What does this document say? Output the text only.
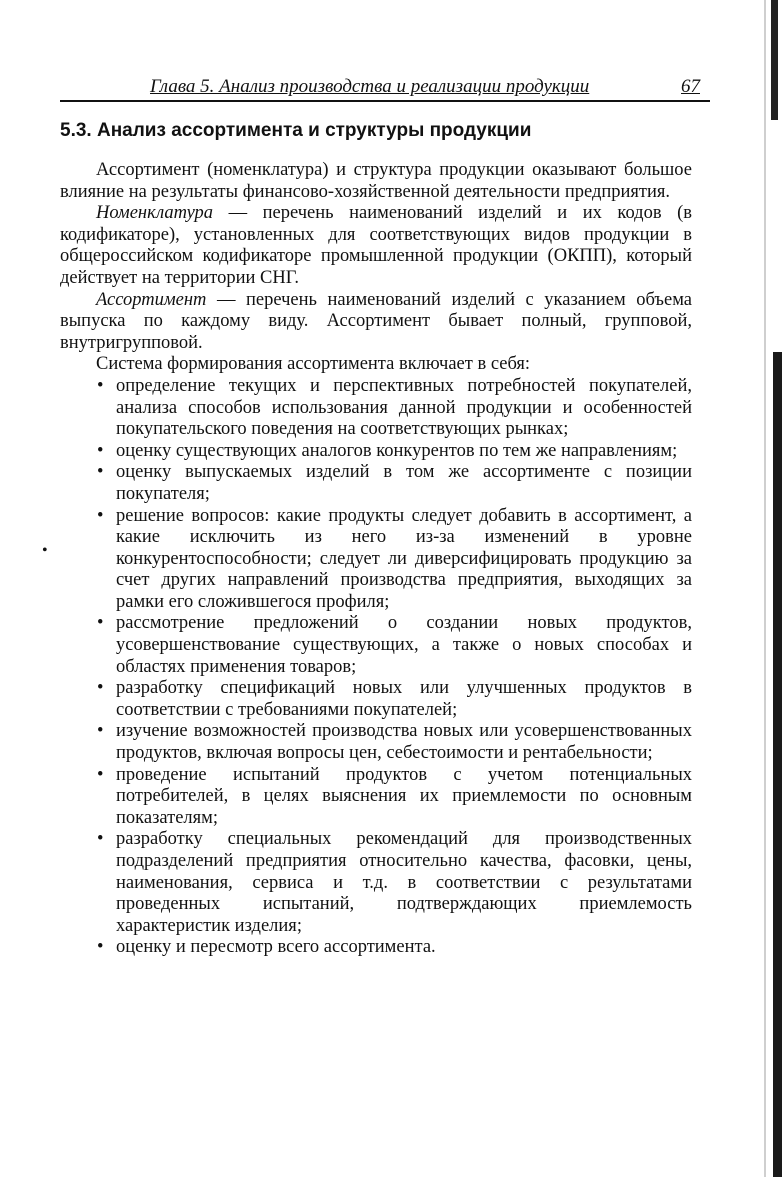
Глава 5. Анализ производства и реализации продукции	67
5.3. Анализ ассортимента и структуры продукции
•

Ассортимент (номенклатура) и структура продукции оказывают большое влияние на результаты финансово-хозяйственной деятельности предприятия.

Номенклатура — перечень наименований изделий и их кодов (в кодификаторе), установленных для соответствующих видов продукции в общероссийском кодификаторе промышленной продукции (ОКПП), который действует на территории СНГ.

Ассортимент — перечень наименований изделий с указанием объема выпуска по каждому виду. Ассортимент бывает полный, групповой, внутригрупповой.

Система формирования ассортимента включает в себя:

• определение текущих и перспективных потребностей покупателей, анализа способов использования данной продукции и особенностей покупательского поведения на соответствующих рынках;
• оценку существующих аналогов конкурентов по тем же направлениям;
• оценку выпускаемых изделий в том же ассортименте с позиции покупателя;
• решение вопросов: какие продукты следует добавить в ассортимент, а какие исключить из него из-за изменений в уровне конкурентоспособности; следует ли диверсифицировать продукцию за счет других направлений производства предприятия, выходящих за рамки его сложившегося профиля;
• рассмотрение предложений о создании новых продуктов, усовершенствование существующих, а также о новых способах и областях применения товаров;
• разработку спецификаций новых или улучшенных продуктов в соответствии с требованиями покупателей;
• изучение возможностей производства новых или усовершенствованных продуктов, включая вопросы цен, себестоимости и рентабельности;
• проведение испытаний продуктов с учетом потенциальных потребителей, в целях выяснения их приемлемости по основным показателям;
• разработку специальных рекомендаций для производственных подразделений предприятия относительно качества, фасовки, цены, наименования, сервиса и т.д. в соответствии с результатами проведенных испытаний, подтверждающих приемлемость характеристик изделия;
• оценку и пересмотр всего ассортимента.
